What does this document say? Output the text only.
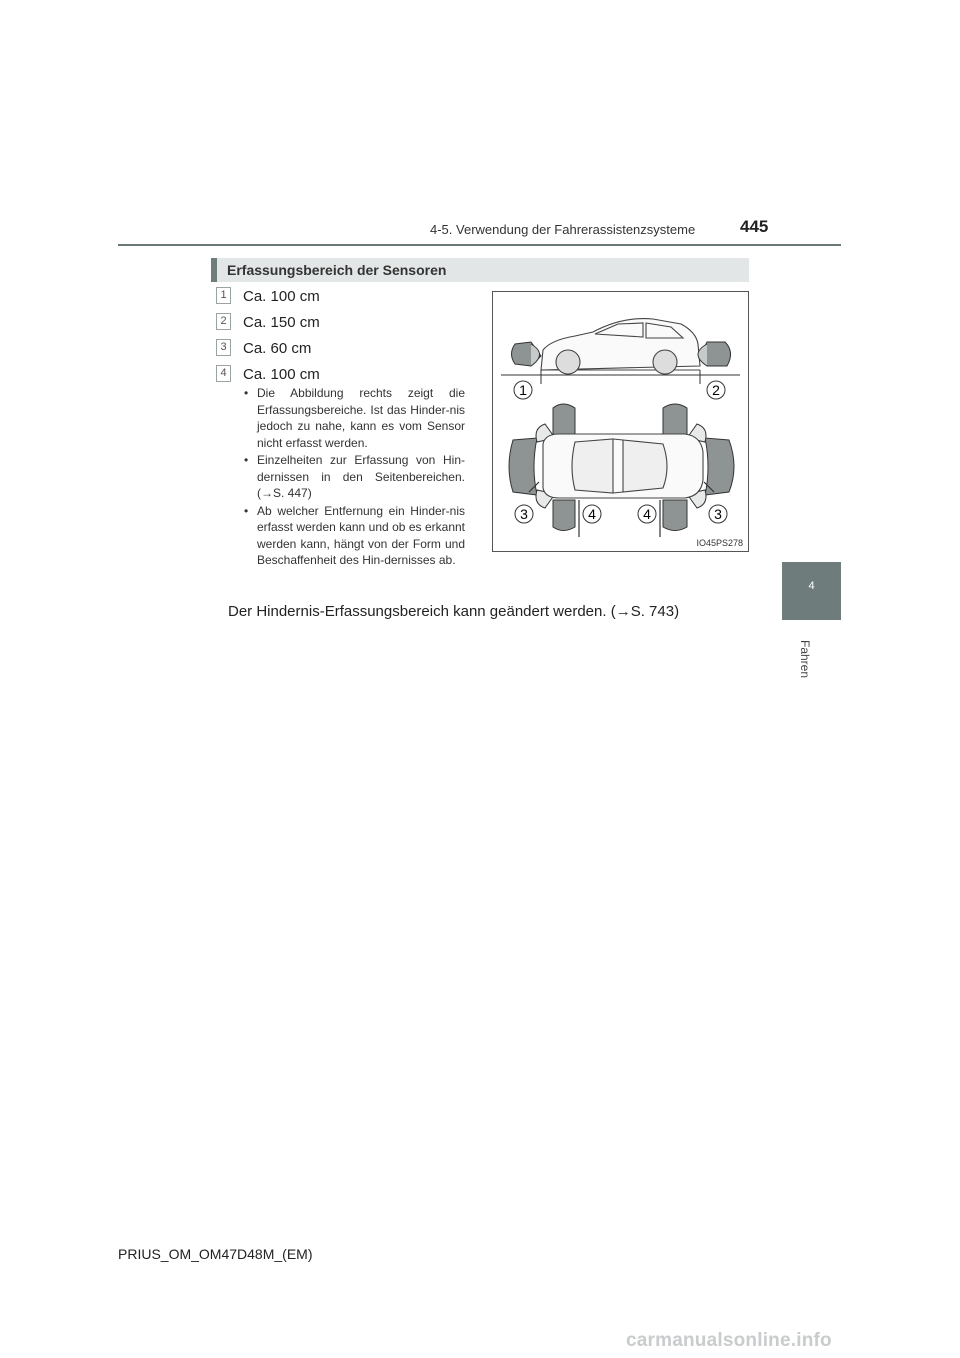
4-5. Verwendung der Fahrerassistenzsysteme	445
4
Fahren
Erfassungsbereich der Sensoren
1 Ca. 100 cm
2 Ca. 150 cm
3 Ca. 60 cm
4 Ca. 100 cm
• Die Abbildung rechts zeigt die Erfassungsbereiche. Ist das Hinder-nis jedoch zu nahe, kann es vom Sensor nicht erfasst werden.
• Einzelheiten zur Erfassung von Hin-dernissen in den Seitenbereichen. (→S. 447)
• Ab welcher Entfernung ein Hinder-nis erfasst werden kann und ob es erkannt werden kann, hängt von der Form und Beschaffenheit des Hin-dernisses ab.
1	2
3	4	4	3
IO45PS278
Der Hindernis-Erfassungsbereich kann geändert werden. (→S. 743)
PRIUS_OM_OM47D48M_(EM)
carmanualsonline.info
